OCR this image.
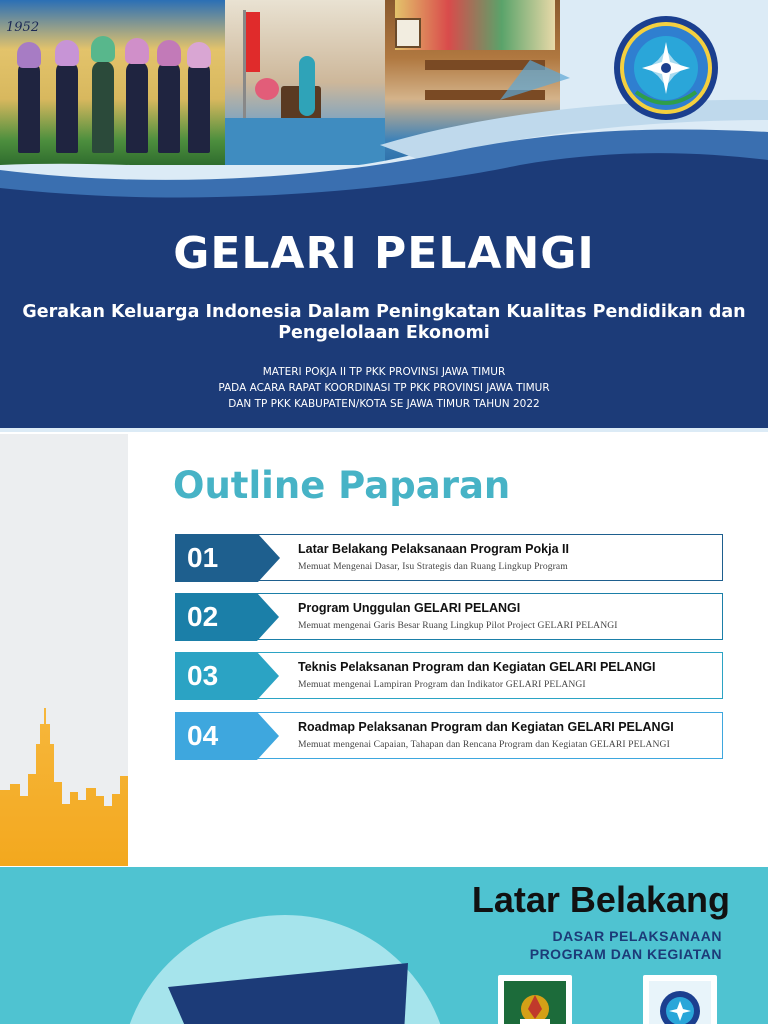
1952
GELARI PELANGI
Gerakan Keluarga Indonesia Dalam Peningkatan Kualitas Pendidikan dan Pengelolaan Ekonomi
MATERI POKJA II TP PKK PROVINSI JAWA TIMUR
PADA ACARA RAPAT KOORDINASI TP PKK PROVINSI JAWA TIMUR
DAN TP PKK KABUPATEN/KOTA SE JAWA TIMUR TAHUN 2022
Outline Paparan
01	Latar Belakang Pelaksanaan Program Pokja II
Memuat Mengenai Dasar, Isu Strategis dan Ruang Lingkup Program
02	Program Unggulan GELARI PELANGI
Memuat mengenai Garis Besar Ruang Lingkup Pilot Project GELARI PELANGI
03	Teknis Pelaksanan Program dan Kegiatan GELARI PELANGI
Memuat mengenai Lampiran Program dan Indikator GELARI PELANGI
04	Roadmap Pelaksanan Program dan Kegiatan GELARI PELANGI
Memuat mengenai Capaian, Tahapan dan Rencana Program dan Kegiatan GELARI PELANGI
Latar Belakang
DASAR PELAKSANAAN
PROGRAM DAN KEGIATAN
